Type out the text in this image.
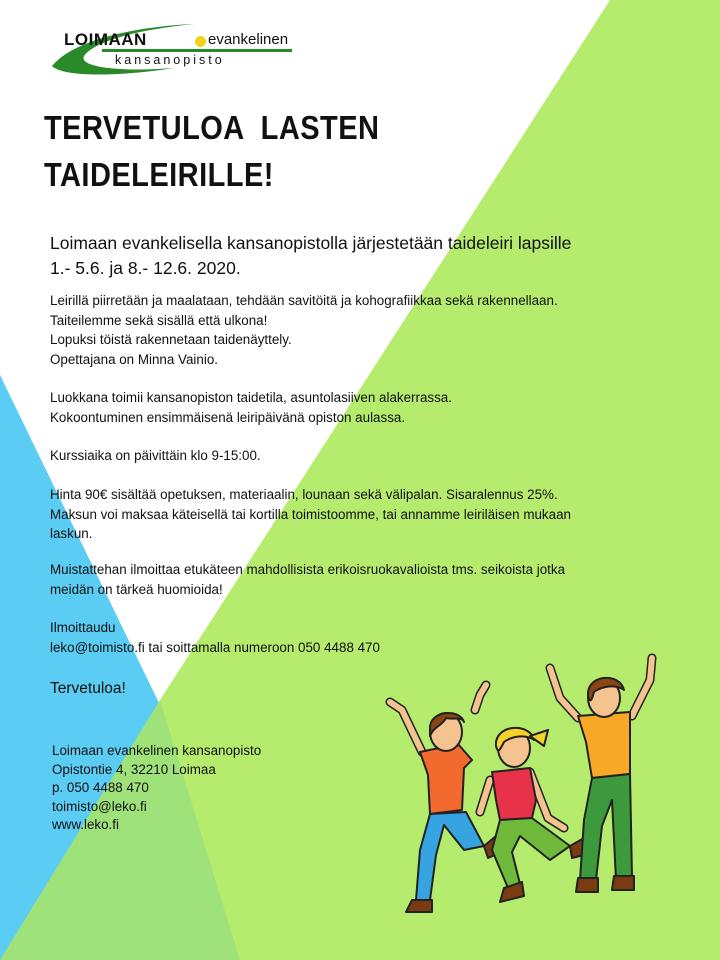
LOIMAAN	evankelinen
kansanopisto
TERVETULOA  LASTEN
TAIDELEIRILLE!
Loimaan evankelisella kansanopistolla järjestetään taideleiri lapsille
1.- 5.6. ja 8.- 12.6. 2020.
Leirillä piirretään ja maalataan, tehdään savitöitä ja kohografiikkaa sekä rakennellaan.
Taiteilemme sekä sisällä että ulkona!
Lopuksi töistä rakennetaan taidenäyttely.
Opettajana on Minna Vainio.
Luokkana toimii kansanopiston taidetila, asuntolasiiven alakerrassa.
Kokoontuminen ensimmäisenä leiripäivänä opiston aulassa.
Kurssiaika on päivittäin klo 9-15:00.
Hinta 90€ sisältää opetuksen, materiaalin, lounaan sekä välipalan. Sisaralennus 25%.
Maksun voi maksaa käteisellä tai kortilla toimistoomme, tai annamme leiriläisen mukaan
laskun.
Muistattehan ilmoittaa etukäteen mahdollisista erikoisruokavalioista tms. seikoista jotka
meidän on tärkeä huomioida!
Ilmoittaudu
leko@toimisto.fi tai soittamalla numeroon 050 4488 470
Tervetuloa!
Loimaan evankelinen kansanopisto
Opistontie 4, 32210 Loimaa
p. 050 4488 470
toimisto@leko.fi
www.leko.fi
